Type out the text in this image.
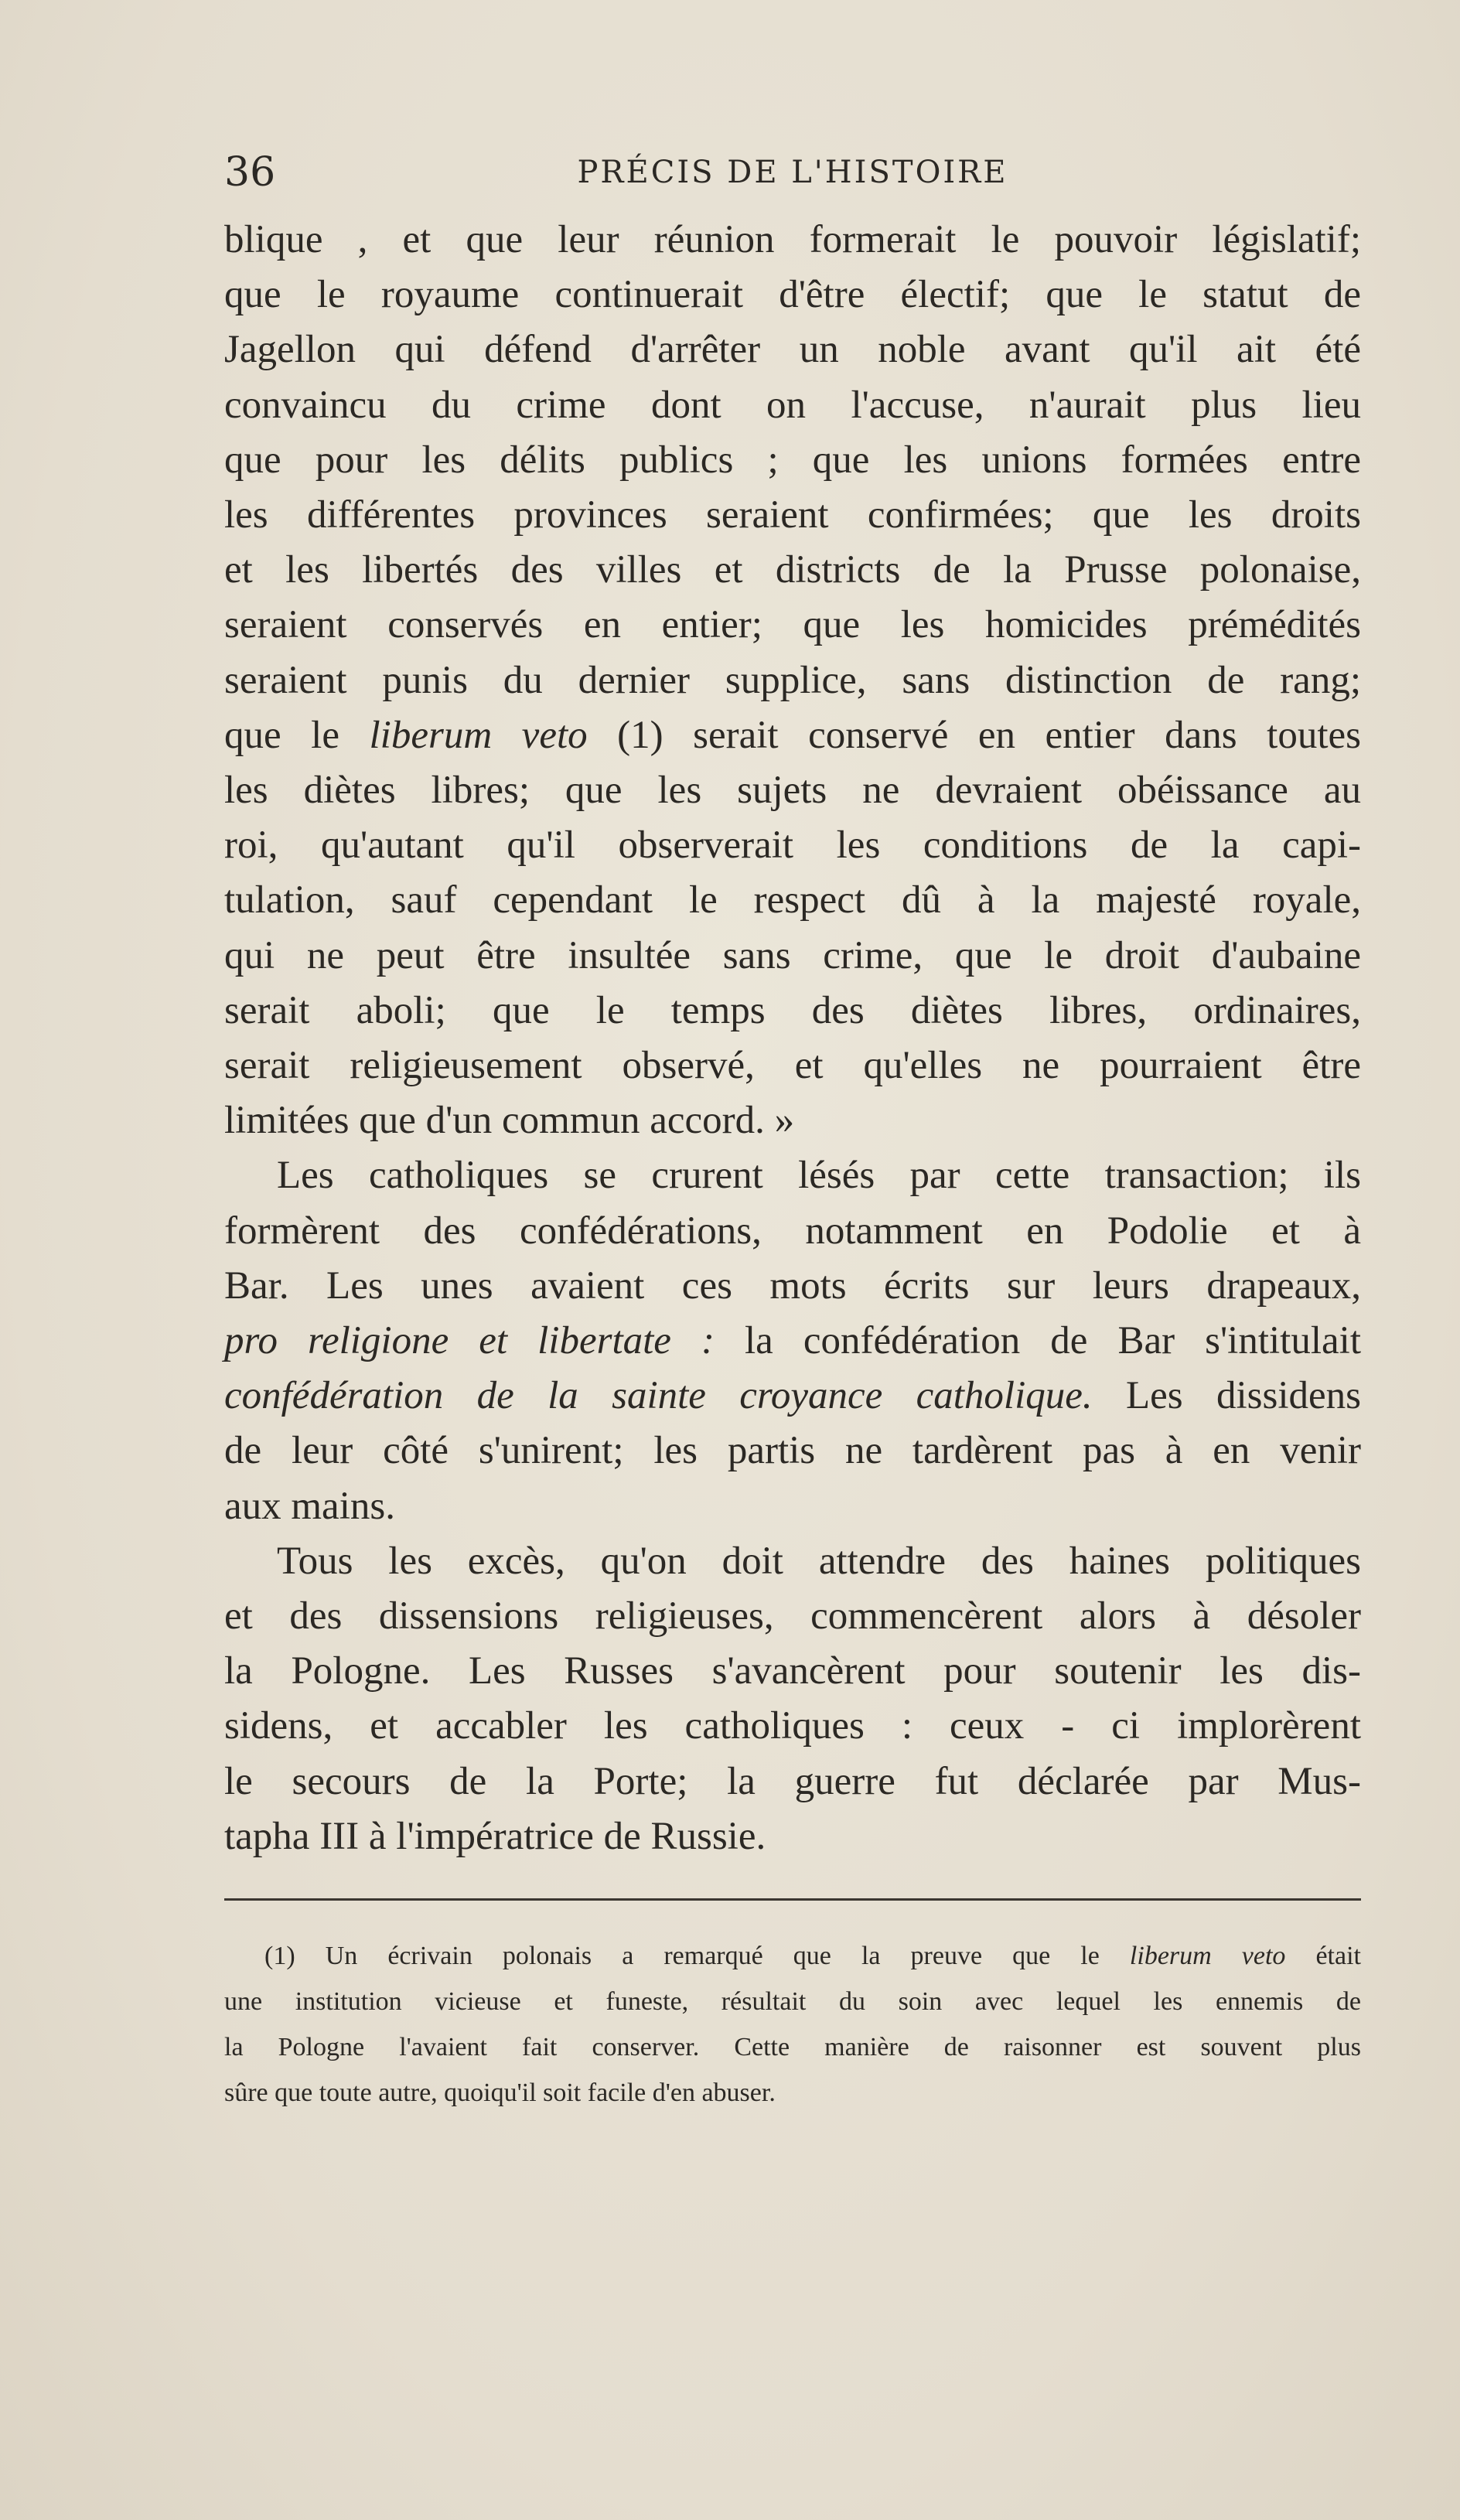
36	PRÉCIS DE L'HISTOIRE

blique , et que leur réunion formerait le pouvoir législatif;
que le royaume continuerait d'être électif; que le statut de
Jagellon qui défend d'arrêter un noble avant qu'il ait été
convaincu du crime dont on l'accuse, n'aurait plus lieu
que pour les délits publics ; que les unions formées entre
les différentes provinces seraient confirmées; que les droits
et les libertés des villes et districts de la Prusse polonaise,
seraient conservés en entier; que les homicides prémédités
seraient punis du dernier supplice, sans distinction de rang;
que le liberum veto (1) serait conservé en entier dans toutes
les diètes libres; que les sujets ne devraient obéissance au
roi, qu'autant qu'il observerait les conditions de la capi-
tulation, sauf cependant le respect dû à la majesté royale,
qui ne peut être insultée sans crime, que le droit d'aubaine
serait aboli; que le temps des diètes libres, ordinaires,
serait religieusement observé, et qu'elles ne pourraient être
limitées que d'un commun accord. »

Les catholiques se crurent lésés par cette transaction; ils
formèrent des confédérations, notamment en Podolie et à
Bar. Les unes avaient ces mots écrits sur leurs drapeaux,
pro religione et libertate : la confédération de Bar s'intitulait
confédération de la sainte croyance catholique. Les dissidens
de leur côté s'unirent; les partis ne tardèrent pas à en venir
aux mains.

Tous les excès, qu'on doit attendre des haines politiques
et des dissensions religieuses, commencèrent alors à désoler
la Pologne. Les Russes s'avancèrent pour soutenir les dis-
sidens, et accabler les catholiques : ceux - ci implorèrent
le secours de la Porte; la guerre fut déclarée par Mus-
tapha III à l'impératrice de Russie.

(1) Un écrivain polonais a remarqué que la preuve que le liberum veto était
une institution vicieuse et funeste, résultait du soin avec lequel les ennemis de
la Pologne l'avaient fait conserver. Cette manière de raisonner est souvent plus
sûre que toute autre, quoiqu'il soit facile d'en abuser.
